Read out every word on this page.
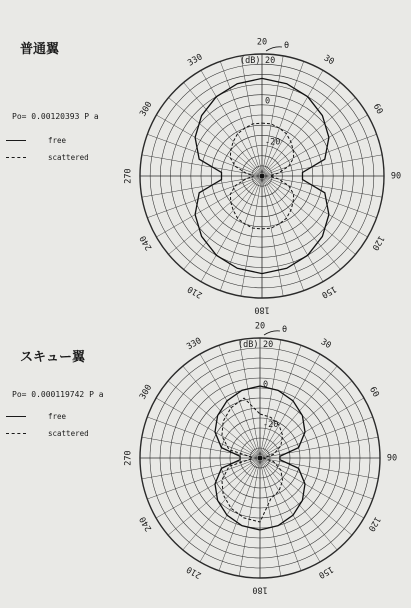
普通翼

Po= 0.00120393 P a

free
scattered
20
0
-20
(dB)
θ
20
30
60
90
120
150
180
210
240
270
300
330
スキュー翼

Po= 0.000119742 P a

free
scattered
20
0
-20
(dB)
θ
20
30
60
90
120
150
180
210
240
270
300
330
